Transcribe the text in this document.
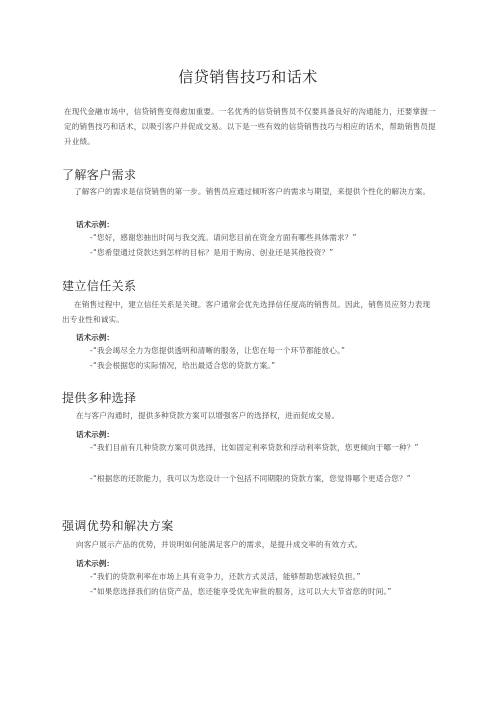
信贷销售技巧和话术
在现代金融市场中，信贷销售变得愈加重要。一名优秀的信贷销售员不仅要具备良好的沟通能力，还要掌握一定的销售技巧和话术，以吸引客户并促成交易。以下是一些有效的信贷销售技巧与相应的话术，帮助销售员提升业绩。
了解客户需求
了解客户的需求是信贷销售的第一步。销售员应通过倾听客户的需求与期望，来提供个性化的解决方案。
话术示例：
-“您好，感谢您抽出时间与我交流。请问您目前在资金方面有哪些具体需求？”
-“您希望通过贷款达到怎样的目标？是用于购房、创业还是其他投资？”
建立信任关系
在销售过程中，建立信任关系是关键。客户通常会优先选择信任度高的销售员。因此，销售员应努力表现出专业性和诚实。
话术示例：
-“我会竭尽全力为您提供透明和清晰的服务，让您在每一个环节都能放心。”
-“我会根据您的实际情况，给出最适合您的贷款方案。”
提供多种选择
在与客户沟通时，提供多种贷款方案可以增强客户的选择权，进而促成交易。
话术示例：
-“我们目前有几种贷款方案可供选择，比如固定利率贷款和浮动利率贷款，您更倾向于哪一种？”
-“根据您的还款能力，我可以为您设计一个包括不同期限的贷款方案，您觉得哪个更适合您？”
强调优势和解决方案
向客户展示产品的优势，并说明如何能满足客户的需求，是提升成交率的有效方式。
话术示例：
-“我们的贷款利率在市场上具有竞争力，还款方式灵活，能够帮助您减轻负担。”
-“如果您选择我们的信贷产品，您还能享受优先审批的服务，这可以大大节省您的时间。”
